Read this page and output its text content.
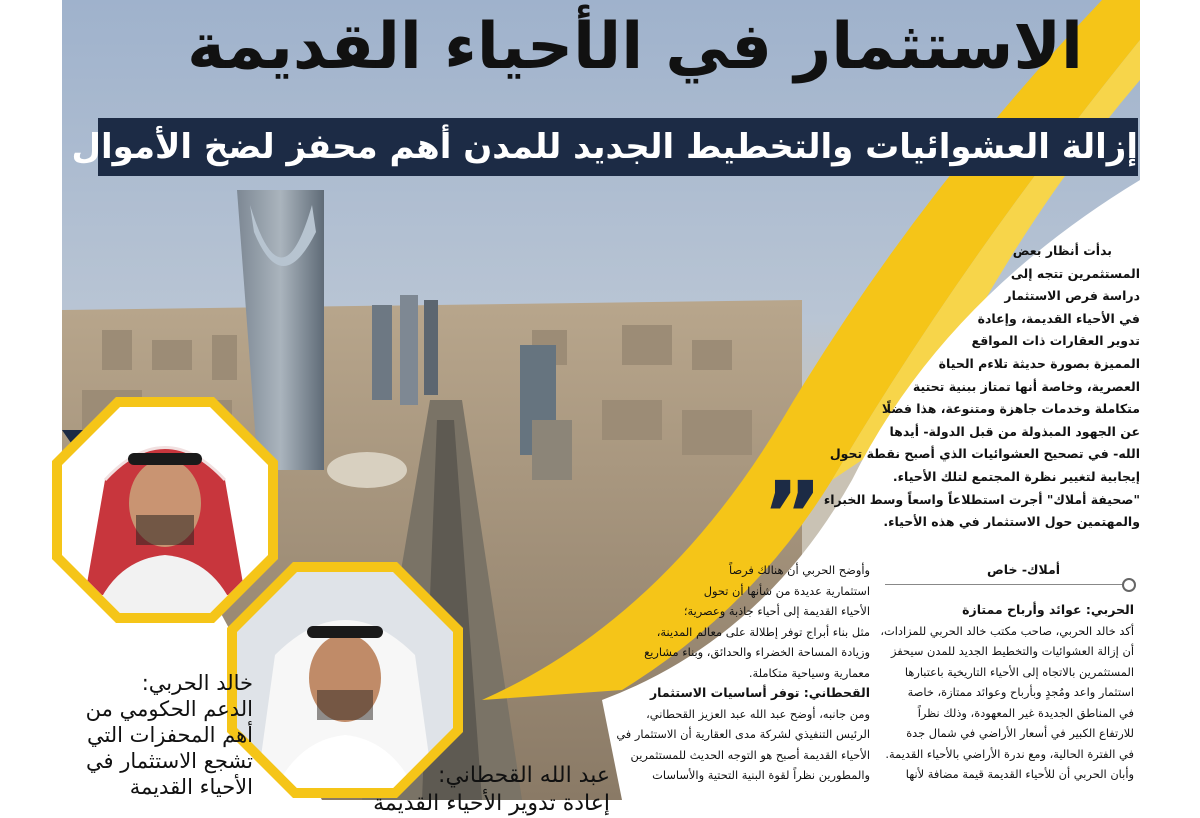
الاستثمار في الأحياء القديمة
إزالة العشوائيات والتخطيط الجديد للمدن أهم محفز لضخ الأموال

بدأت أنظار بعض

المستثمرين تتجه إلى

دراسة فرص الاستثمار

في الأحياء القديمة، وإعادة

تدوير العقارات ذات المواقع

المميزة بصورة حديثة تلاءم الحياة

العصرية، وخاصة أنها تمتاز ببنية تحتية

متكاملة وخدمات جاهزة ومتنوعة، هذا فضلًا

عن الجهود المبذولة من قبل الدولة- أيدها

الله- في تصحيح العشوائيات الذي أصبح نقطة تحول

إيجابية لتغيير نظرة المجتمع لتلك الأحياء.

"صحيفة أملاك" أجرت استطلاعاً واسعاً وسط الخبراء

والمهتمين حول الاستثمار في هذه الأحياء.

”
أملاك- خاص

الحربي: عوائد وأرباح ممتازة

أكد خالد الحربي، صاحب مكتب خالد الحربي للمزادات،

أن إزالة العشوائيات والتخطيط الجديد للمدن سيحفز

المستثمرين بالاتجاه إلى الأحياء التاريخية باعتبارها

استثمار واعد ومُجدٍ وبأرباح وعوائد ممتازة، خاصة

في المناطق الجديدة غير المعهودة، وذلك نظراً

للارتفاع الكبير في أسعار الأراضي في شمال جدة

في الفترة الحالية، ومع ندرة الأراضي بالأحياء القديمة.

وأبان الحربي أن للأحياء القديمة قيمة مضافة لأنها

وأوضح الحربي أن هنالك فرصاً

استثمارية عديدة من شأنها أن تحول

الأحياء القديمة إلى أحياء جاذبة وعصرية؛

مثل بناء أبراج توفر إطلالة على معالم المدينة،

وزيادة المساحة الخضراء والحدائق، وبناء مشاريع

معمارية وسياحية متكاملة.

القحطاني: توفر أساسيات الاستثمار

ومن جانبه، أوضح عبد الله عبد العزيز القحطاني،

الرئيس التنفيذي لشركة مدى العقارية أن الاستثمار في

الأحياء القديمة أصبح هو التوجه الحديث للمستثمرين

والمطورين نظراً لقوة البنية التحتية والأساسات

خالد الحربي:

الدعم الحكومي من

أهم المحفزات التي

تشجع الاستثمار في

الأحياء القديمة	عبد الله القحطاني:

إعادة تدوير الأحياء القديمة
